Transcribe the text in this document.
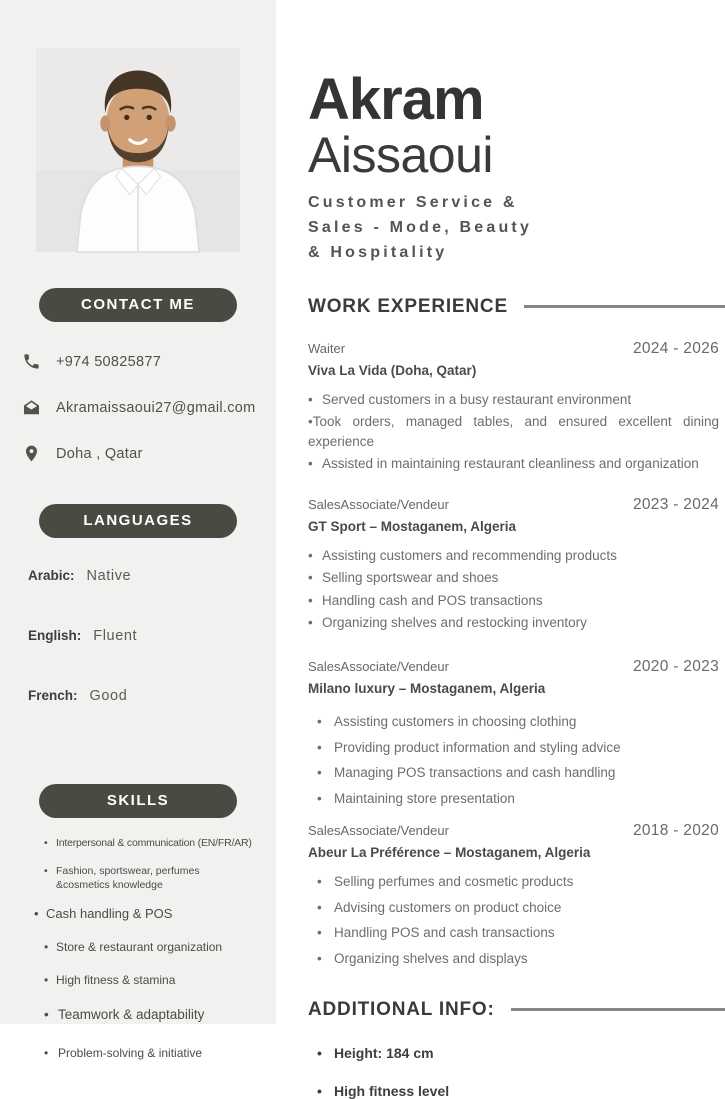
CONTACT ME
+974 50825877
Akramaissaoui27@gmail.com
Doha , Qatar
LANGUAGES
Arabic: Native
English: Fluent
French: Good
SKILLS
• Interpersonal & communication (EN/FR/AR)
• Fashion, sportswear, perfumes &cosmetics knowledge
• Cash handling & POS
• Store & restaurant organization
• High fitness & stamina
• Teamwork & adaptability
• Problem-solving & initiative
Akram
Aissaoui
Customer Service &
Sales - Mode, Beauty
& Hospitality
WORK EXPERIENCE
Waiter	2024 - 2026
Viva La Vida (Doha, Qatar)
• Served customers in a busy restaurant environment
•Took orders, managed tables, and ensured excellent dining experience
• Assisted in maintaining restaurant cleanliness and organization
SalesAssociate/Vendeur	2023 - 2024
GT Sport – Mostaganem, Algeria
• Assisting customers and recommending products
• Selling sportswear and shoes
• Handling cash and POS transactions
• Organizing shelves and restocking inventory
SalesAssociate/Vendeur	2020 - 2023
Milano luxury – Mostaganem, Algeria
• Assisting customers in choosing clothing
• Providing product information and styling advice
• Managing POS transactions and cash handling
• Maintaining store presentation
SalesAssociate/Vendeur	2018 - 2020
Abeur La Préférence – Mostaganem, Algeria
• Selling perfumes and cosmetic products
• Advising customers on product choice
• Handling POS and cash transactions
• Organizing shelves and displays
ADDITIONAL INFO:
• Height: 184 cm
• High fitness level
